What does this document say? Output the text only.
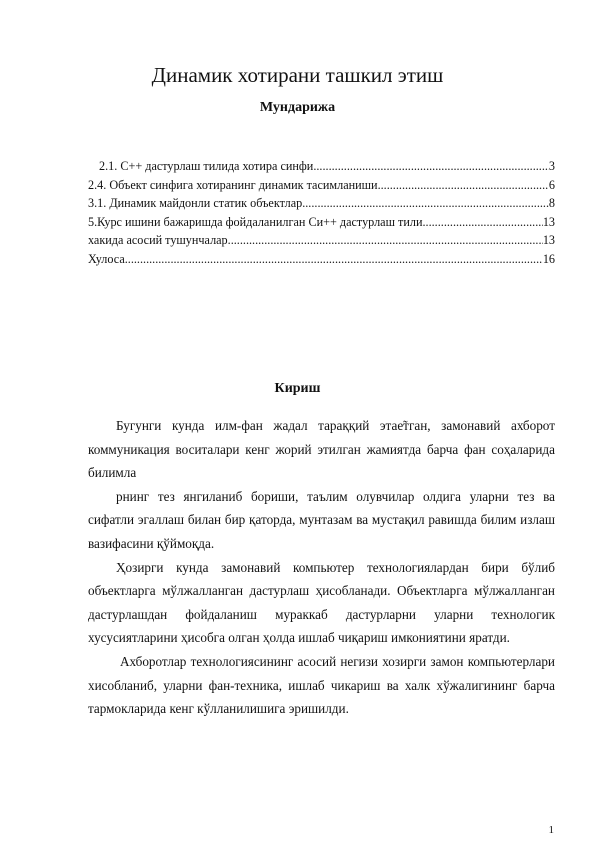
Динамик хотирани ташкил этиш
Мундарижа
2.1. C++ дастурлаш тилида хотира синфи .....	3
2.4. Объект синфига хотиранинг динамик тасимланиши .....	6
3.1. Динамик майдонли статик объектлар .....	8
5.Курс ишини бажаришда фойдаланилган Си++ дастурлаш тили .....	13
хакида асосий тушунчалар .....	13
Хулоса .....	16
Кириш

Бугунги кунда илм-фан жадал тараққий этае̃тган, замонавий ахборот коммуникация воситалари кенг жорий этилган жамиятда барча фан соҳаларида билимла

рнинг тез янгиланиб бориши, таълим олувчилар олдига уларни тез ва сифатли эгаллаш билан бир қаторда, мунтазам ва мустақил равишда билим излаш вазифасини қўймоқда.

Ҳозирги кунда замонавий компьютер технологиялардан бири бўлиб объектларга мўлжалланган дастурлаш ҳисобланади. Объектларга мўлжалланган дастурлашдан фойдаланиш мураккаб дастурларни уларни технологик хусусиятларини ҳисобга олган ҳолда ишлаб чиқариш имкониятини яратди.

Ахборотлар технологиясининг асосий негизи хозирги замон компьютерлари хисобланиб, уларни фан-техника, ишлаб чикариш ва халк хўжалигининг барча тармокларида кенг кўлланилишига эришилди.

1
